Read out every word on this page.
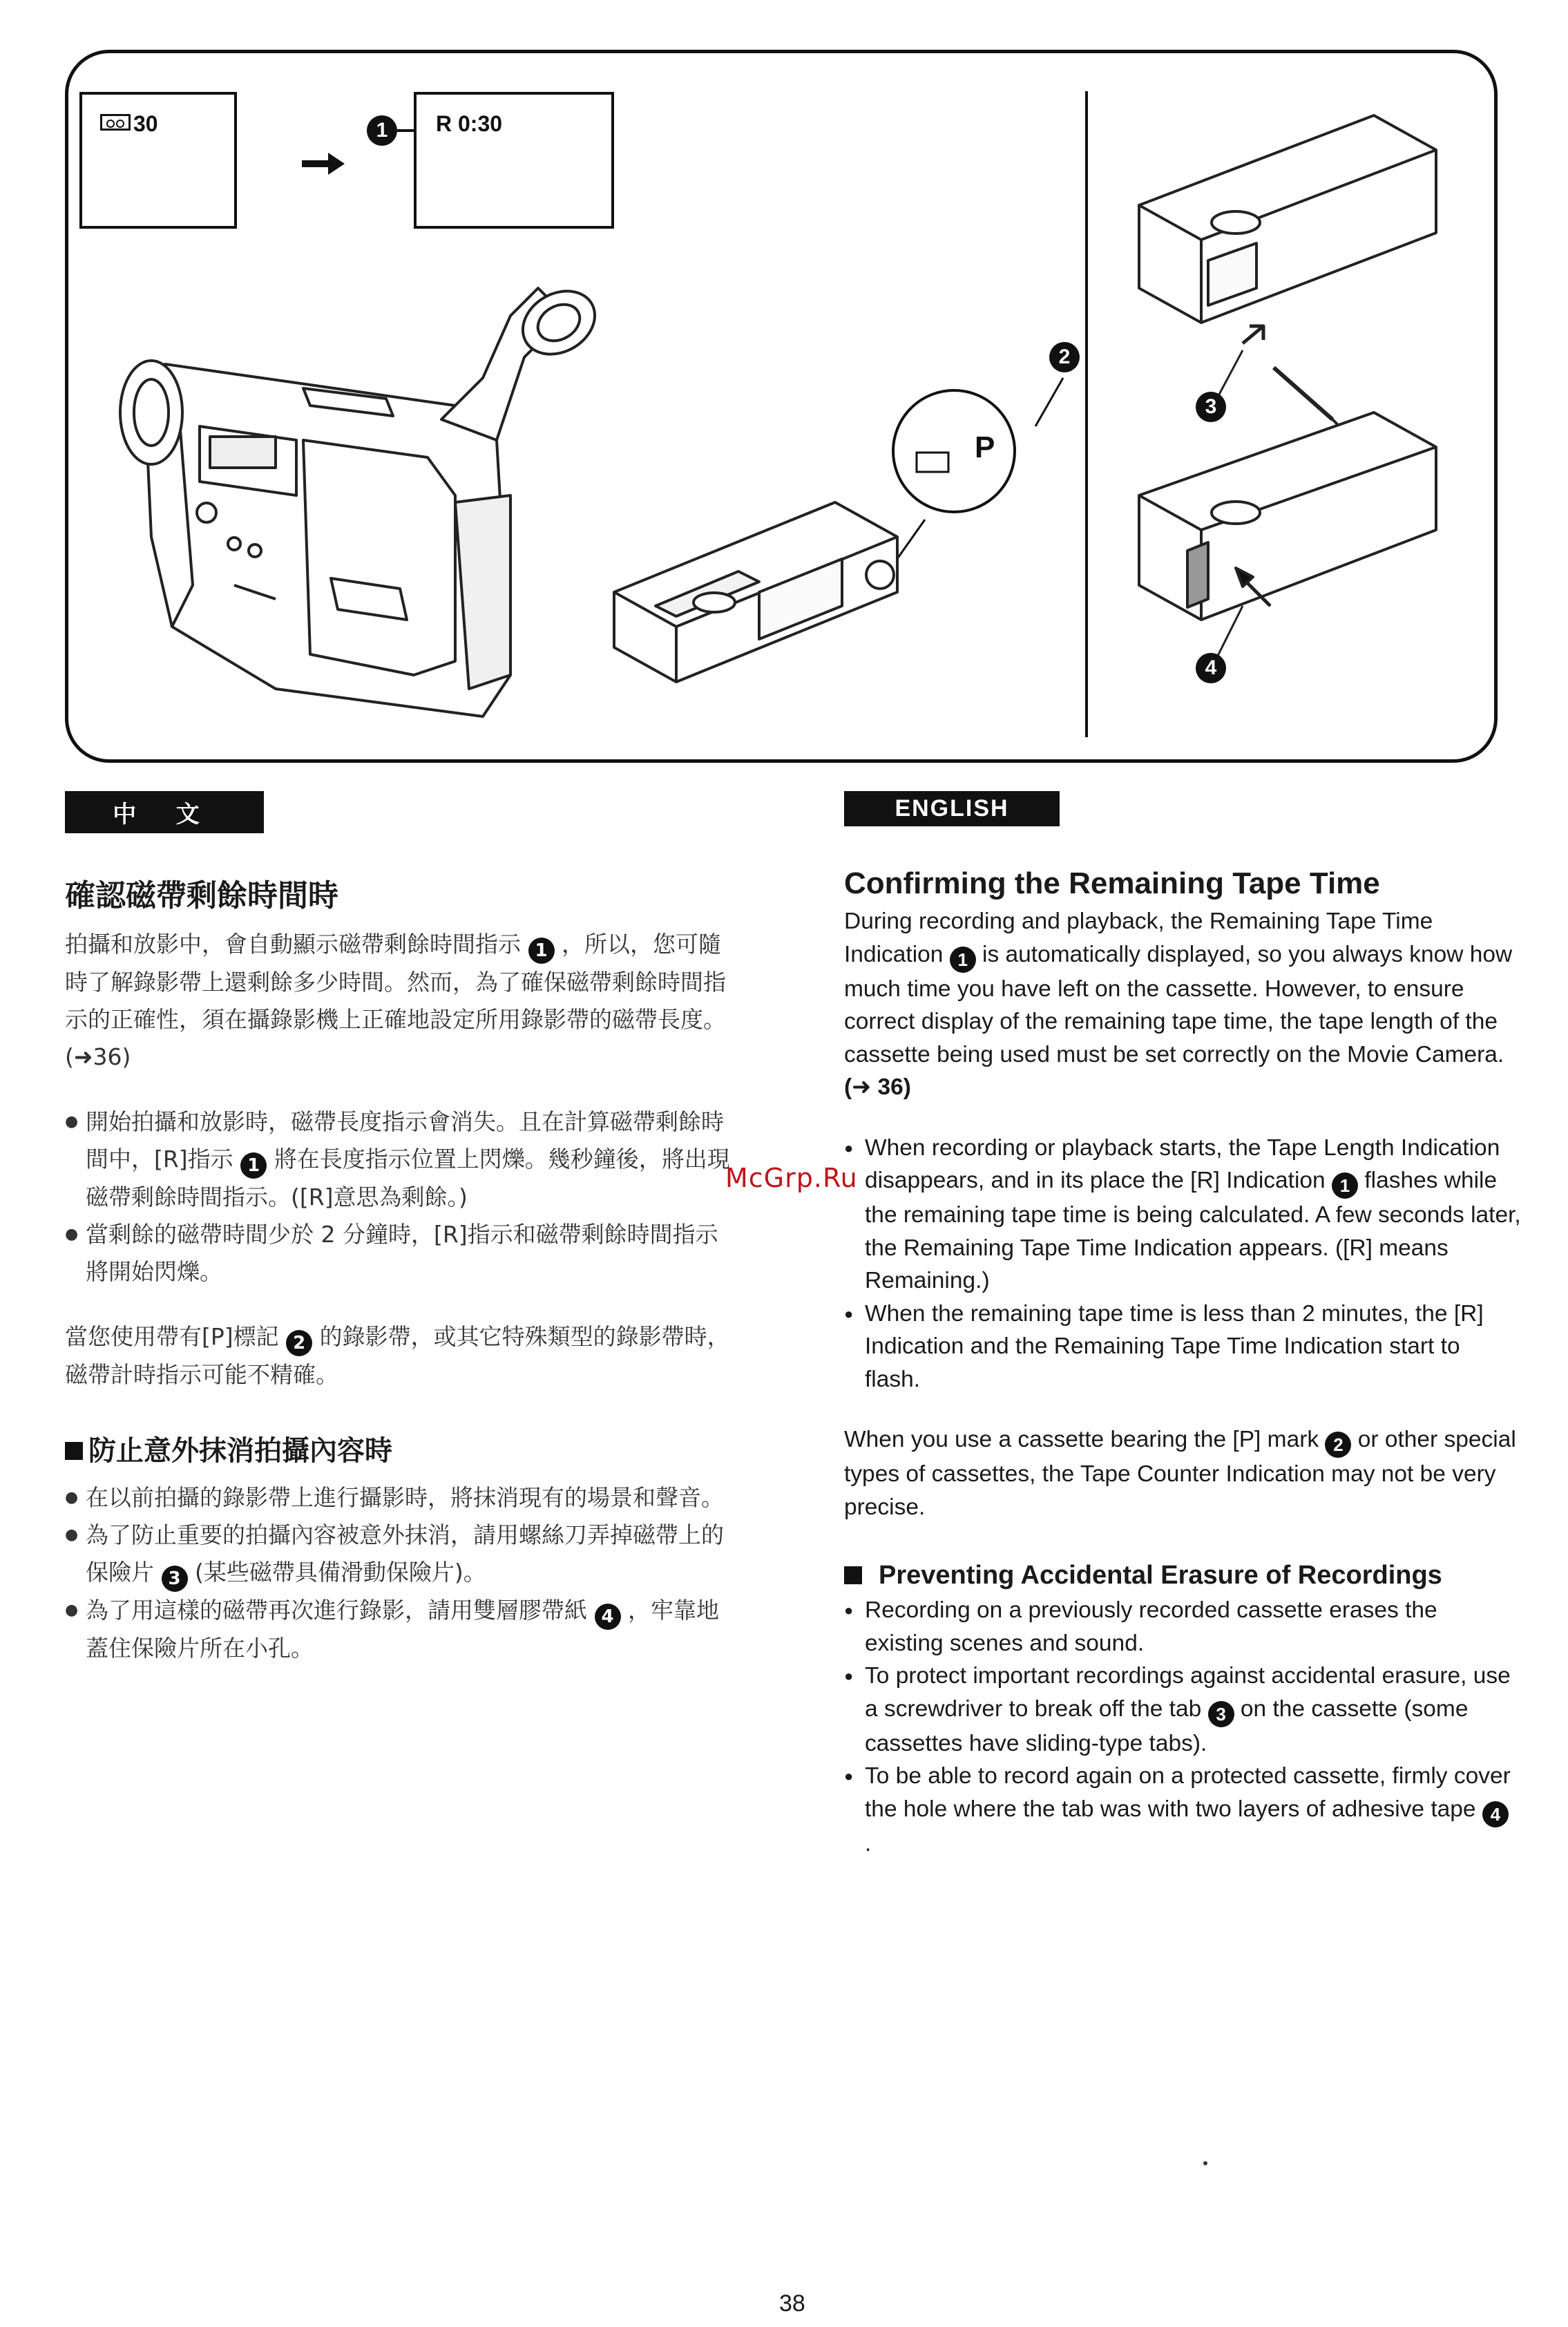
P
30	R 0:30
1
2
3
4
中 文
確認磁帶剩餘時間時

拍攝和放影中，會自動顯示磁帶剩餘時間指示 1 ，所以，您可隨時了解錄影帶上還剩餘多少時間。然而，為了確保磁帶剩餘時間指示的正確性，須在攝錄影機上正確地設定所用錄影帶的磁帶長度。(➜36)

● 開始拍攝和放影時，磁帶長度指示會消失。且在計算磁帶剩餘時間中，[R]指示 1 將在長度指示位置上閃爍。幾秒鐘後，將出現磁帶剩餘時間指示。([R]意思為剩餘。)
● 當剩餘的磁帶時間少於 2 分鐘時，[R]指示和磁帶剩餘時間指示將開始閃爍。

當您使用帶有[P]標記 2 的錄影帶，或其它特殊類型的錄影帶時，磁帶計時指示可能不精確。

防止意外抹消拍攝內容時
● 在以前拍攝的錄影帶上進行攝影時，將抹消現有的場景和聲音。
● 為了防止重要的拍攝內容被意外抹消，請用螺絲刀弄掉磁帶上的保險片 3 (某些磁帶具備滑動保險片)。
● 為了用這樣的磁帶再次進行錄影，請用雙層膠帶紙 4 ，牢靠地蓋住保險片所在小孔。
ENGLISH
Confirming the Remaining Tape Time

During recording and playback, the Remaining Tape Time Indication 1 is automatically displayed, so you always know how much time you have left on the cassette. However, to ensure correct display of the remaining tape time, the tape length of the cassette being used must be set correctly on the Movie Camera. (➜ 36)

● When recording or playback starts, the Tape Length Indication disappears, and in its place the [R] Indication 1 flashes while the remaining tape time is being calculated. A few seconds later, the Remaining Tape Time Indication appears. ([R] means Remaining.)
● When the remaining tape time is less than 2 minutes, the [R] Indication and the Remaining Tape Time Indication start to flash.

When you use a cassette bearing the [P] mark 2 or other special types of cassettes, the Tape Counter Indication may not be very precise.

Preventing Accidental Erasure of Recordings
● Recording on a previously recorded cassette erases the existing scenes and sound.
● To protect important recordings against accidental erasure, use a screwdriver to break off the tab 3 on the cassette (some cassettes have sliding-type tabs).
● To be able to record again on a protected cassette, firmly cover the hole where the tab was with two layers of adhesive tape 4 .
McGrp.Ru
38
